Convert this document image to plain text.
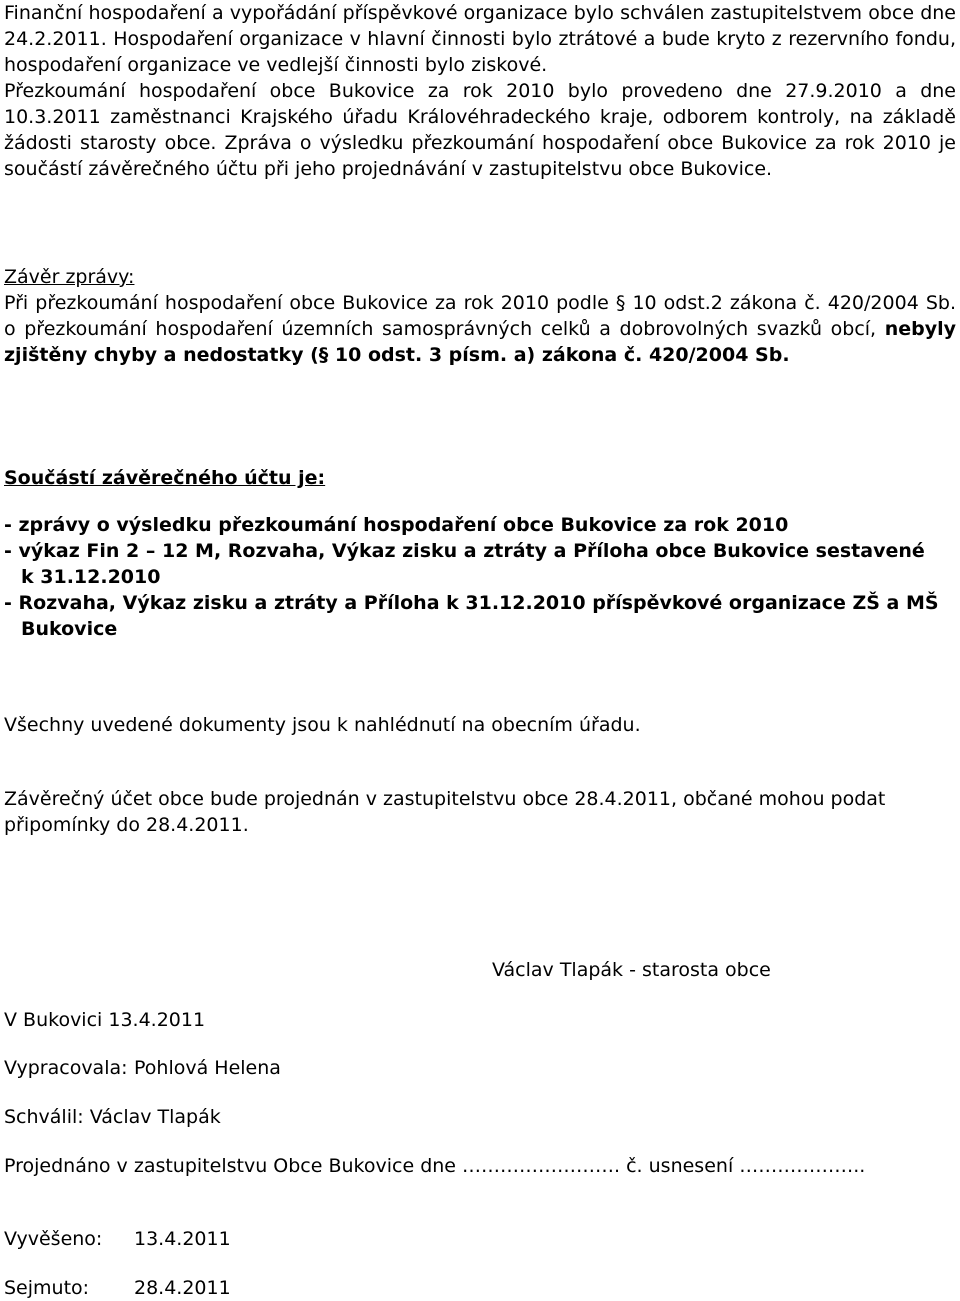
Finanční hospodaření a vypořádání příspěvkové organizace bylo schválen zastupitelstvem obce dne 24.2.2011. Hospodaření organizace v hlavní činnosti bylo ztrátové a bude kryto z rezervního fondu, hospodaření organizace ve vedlejší činnosti bylo ziskové.

Přezkoumání hospodaření obce Bukovice za rok 2010 bylo provedeno dne 27.9.2010 a dne 10.3.2011 zaměstnanci Krajského úřadu Královéhradeckého kraje, odborem kontroly, na základě žádosti starosty obce. Zpráva o výsledku přezkoumání hospodaření obce Bukovice za rok 2010 je součástí závěrečného účtu při jeho projednávání v zastupitelstvu obce Bukovice.

Závěr zprávy:

Při přezkoumání hospodaření obce Bukovice za rok 2010 podle § 10 odst.2 zákona č. 420/2004 Sb. o přezkoumání hospodaření územních samosprávných celků a dobrovolných svazků obcí, nebyly zjištěny chyby a nedostatky (§ 10 odst. 3 písm. a) zákona č. 420/2004 Sb.

Součástí závěrečného účtu je:

- zprávy o výsledku přezkoumání hospodaření obce Bukovice za rok 2010
- výkaz Fin 2 – 12 M, Rozvaha, Výkaz zisku a ztráty a Příloha obce Bukovice sestavené
k 31.12.2010
- Rozvaha, Výkaz zisku a ztráty a Příloha k 31.12.2010 příspěvkové organizace ZŠ a MŠ
Bukovice

Všechny uvedené dokumenty jsou k nahlédnutí na obecním úřadu.

Závěrečný účet obce bude projednán v zastupitelstvu obce 28.4.2011, občané mohou podat připomínky do 28.4.2011.

Václav Tlapák - starosta obce
V Bukovici 13.4.2011
Vypracovala: Pohlová Helena
Schválil: Václav Tlapák
Projednáno v zastupitelstvu Obce Bukovice dne ……………………. č. usnesení ………………..
Vyvěšeno: 13.4.2011
Sejmuto: 28.4.2011
